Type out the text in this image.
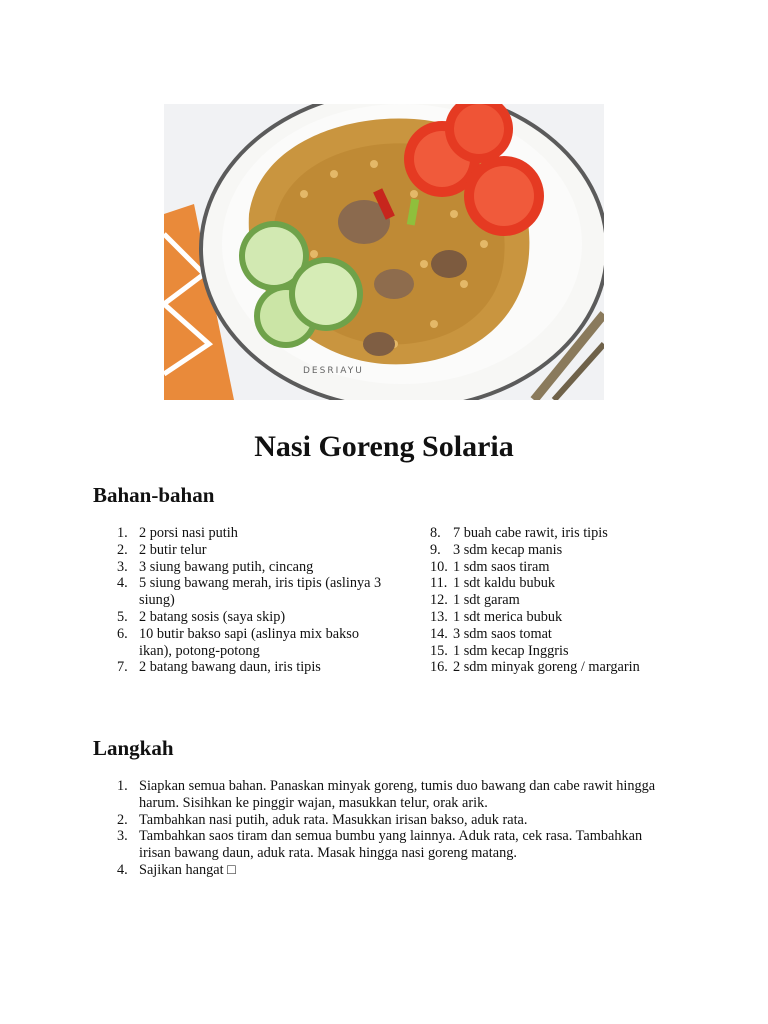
DESRIAYU
Nasi Goreng Solaria
Bahan-bahan
1. 2 porsi nasi putih
2. 2 butir telur
3. 3 siung bawang putih, cincang
4. 5 siung bawang merah, iris tipis (aslinya 3 siung)
5. 2 batang sosis (saya skip)
6. 10 butir bakso sapi (aslinya mix bakso ikan), potong-potong
7. 2 batang bawang daun, iris tipis
8. 7 buah cabe rawit, iris tipis
9. 3 sdm kecap manis
10. 1 sdm saos tiram
11. 1 sdt kaldu bubuk
12. 1 sdt garam
13. 1 sdt merica bubuk
14. 3 sdm saos tomat
15. 1 sdm kecap Inggris
16. 2 sdm minyak goreng / margarin
Langkah
1. Siapkan semua bahan. Panaskan minyak goreng, tumis duo bawang dan cabe rawit hingga harum. Sisihkan ke pinggir wajan, masukkan telur, orak arik.
2. Tambahkan nasi putih, aduk rata. Masukkan irisan bakso, aduk rata.
3. Tambahkan saos tiram dan semua bumbu yang lainnya. Aduk rata, cek rasa. Tambahkan irisan bawang daun, aduk rata. Masak hingga nasi goreng matang.
4. Sajikan hangat □
